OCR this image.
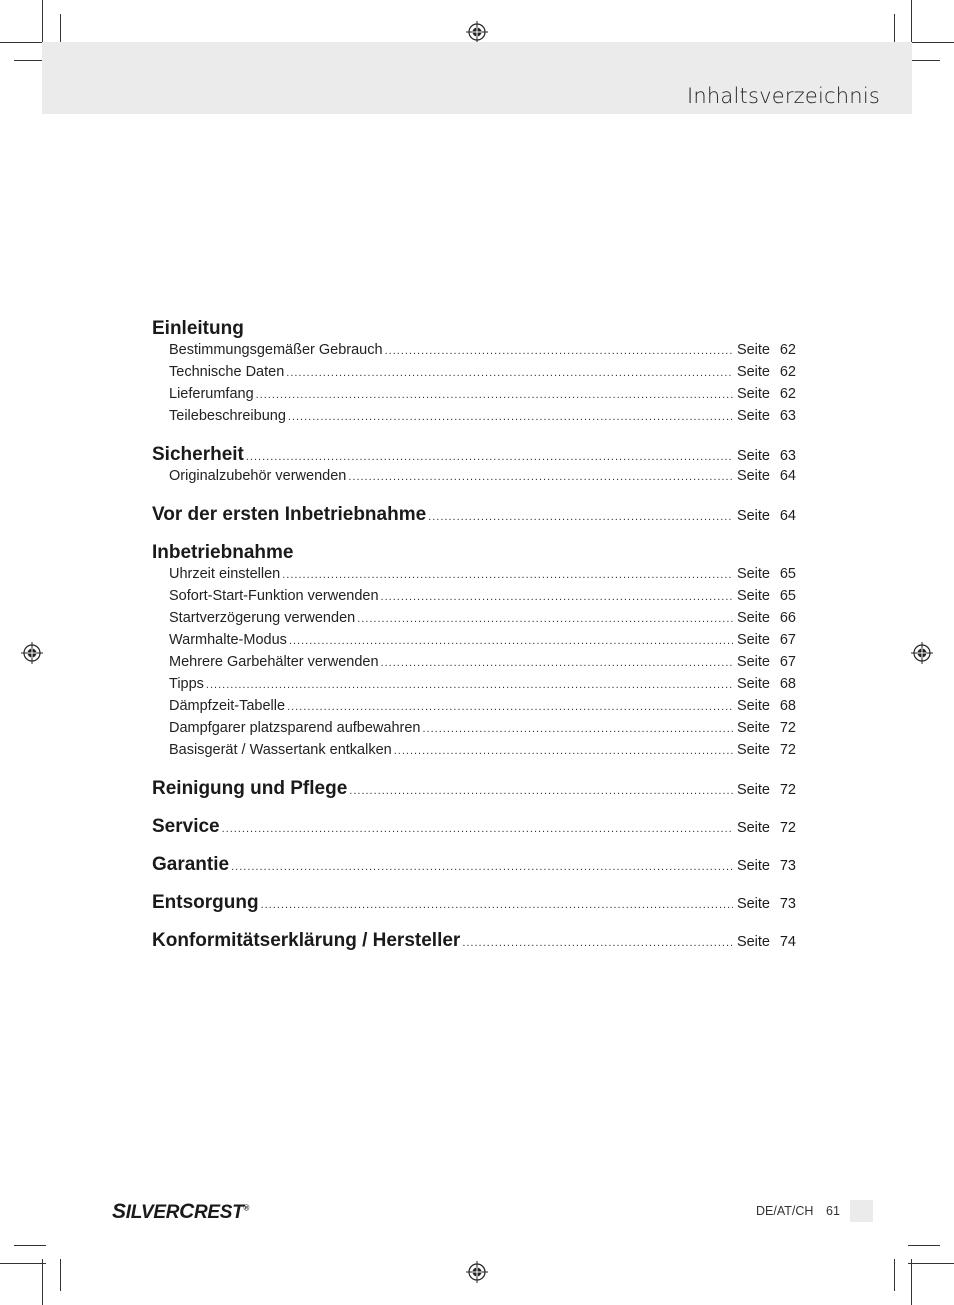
Inhaltsverzeichnis
Einleitung
Bestimmungsgemäßer Gebrauch .....	Seite 62
Technische Daten .....	Seite 62
Lieferumfang .....	Seite 62
Teilebeschreibung .....	Seite 63
Sicherheit .....	Seite 63
Originalzubehör verwenden .....	Seite 64
Vor der ersten Inbetriebnahme .....	Seite 64
Inbetriebnahme
Uhrzeit einstellen .....	Seite 65
Sofort-Start-Funktion verwenden .....	Seite 65
Startverzögerung verwenden .....	Seite 66
Warmhalte-Modus .....	Seite 67
Mehrere Garbehälter verwenden .....	Seite 67
Tipps .....	Seite 68
Dämpfzeit-Tabelle .....	Seite 68
Dampfgarer platzsparend aufbewahren .....	Seite 72
Basisgerät / Wassertank entkalken .....	Seite 72
Reinigung und Pflege .....	Seite 72
Service .....	Seite 72
Garantie .....	Seite 73
Entsorgung .....	Seite 73
Konformitätserklärung / Hersteller .....	Seite 74
SILVERCREST®	DE/AT/CH 61
